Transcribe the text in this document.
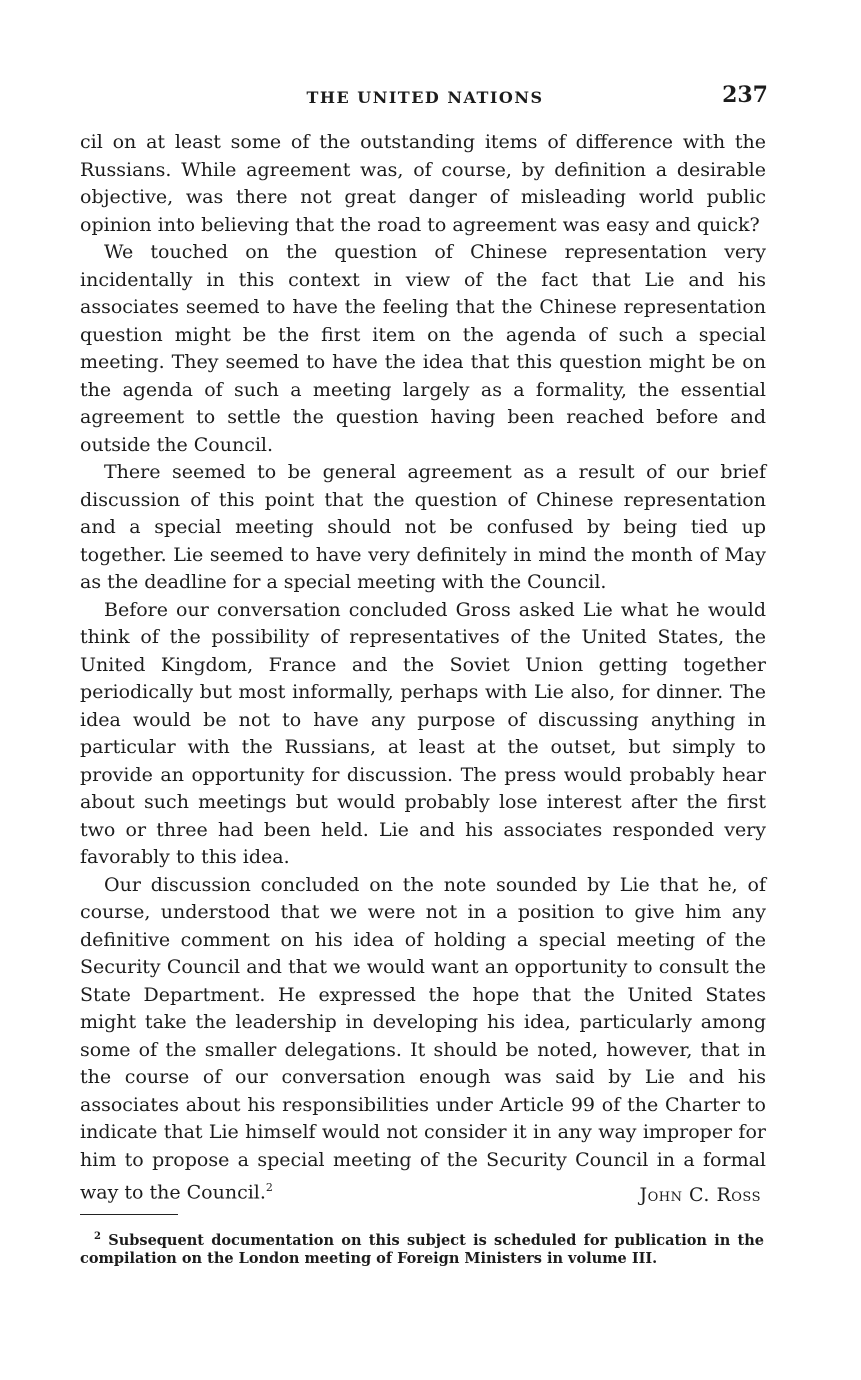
THE UNITED NATIONS	237

cil on at least some of the outstanding items of difference with the Russians. While agreement was, of course, by definition a desirable objective, was there not great danger of misleading world public opinion into believing that the road to agreement was easy and quick?

We touched on the question of Chinese representation very incidentally in this context in view of the fact that Lie and his associates seemed to have the feeling that the Chinese representation question might be the first item on the agenda of such a special meeting. They seemed to have the idea that this question might be on the agenda of such a meeting largely as a formality, the essential agreement to settle the question having been reached before and outside the Council.

There seemed to be general agreement as a result of our brief discussion of this point that the question of Chinese representation and a special meeting should not be confused by being tied up together. Lie seemed to have very definitely in mind the month of May as the deadline for a special meeting with the Council.

Before our conversation concluded Gross asked Lie what he would think of the possibility of representatives of the United States, the United Kingdom, France and the Soviet Union getting together periodically but most informally, perhaps with Lie also, for dinner. The idea would be not to have any purpose of discussing anything in particular with the Russians, at least at the outset, but simply to provide an opportunity for discussion. The press would probably hear about such meetings but would probably lose interest after the first two or three had been held. Lie and his associates responded very favorably to this idea.

Our discussion concluded on the note sounded by Lie that he, of course, understood that we were not in a position to give him any definitive comment on his idea of holding a special meeting of the Security Council and that we would want an opportunity to consult the State Department. He expressed the hope that the United States might take the leadership in developing his idea, particularly among some of the smaller delegations. It should be noted, however, that in the course of our conversation enough was said by Lie and his associates about his responsibilities under Article 99 of the Charter to indicate that Lie himself would not consider it in any way improper for him to propose a special meeting of the Security Council in a formal way to the Council.$^2$	John C. Ross
$^2$ Subsequent documentation on this subject is scheduled for publication in the compilation on the London meeting of Foreign Ministers in volume III.
